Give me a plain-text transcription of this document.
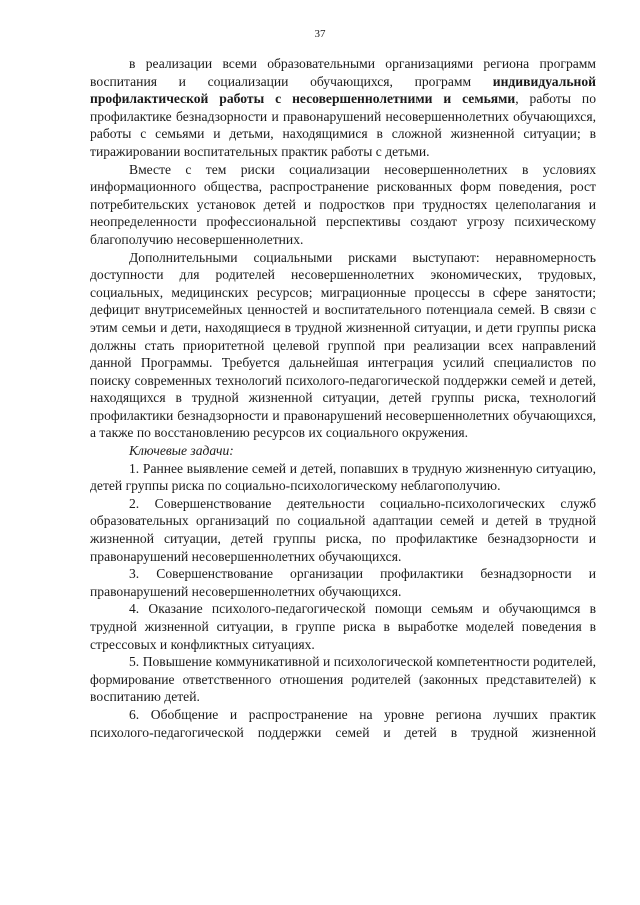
37

в реализации всеми образовательными организациями региона программ воспитания и социализации обучающихся, программ индивидуальной профилактической работы с несовершеннолетними и семьями, работы по профилактике безнадзорности и правонарушений несовершеннолетних обучающихся, работы с семьями и детьми, находящимися в сложной жизненной ситуации; в тиражировании воспитательных практик работы с детьми.

Вместе с тем риски социализации несовершеннолетних в условиях информационного общества, распространение рискованных форм поведения, рост потребительских установок детей и подростков при трудностях целеполагания и неопределенности профессиональной перспективы создают угрозу психическому благополучию несовершеннолетних.

Дополнительными социальными рисками выступают: неравномерность доступности для родителей несовершеннолетних экономических, трудовых, социальных, медицинских ресурсов; миграционные процессы в сфере занятости; дефицит внутрисемейных ценностей и воспитательного потенциала семей. В связи с этим семьи и дети, находящиеся в трудной жизненной ситуации, и дети группы риска должны стать приоритетной целевой группой при реализации всех направлений данной Программы. Требуется дальнейшая интеграция усилий специалистов по поиску современных технологий психолого-педагогической поддержки семей и детей, находящихся в трудной жизненной ситуации, детей группы риска, технологий профилактики безнадзорности и правонарушений несовершеннолетних обучающихся, а также по восстановлению ресурсов их социального окружения.

Ключевые задачи:

1. Раннее выявление семей и детей, попавших в трудную жизненную ситуацию, детей группы риска по социально-психологическому неблагополучию.

2. Совершенствование деятельности социально-психологических служб образовательных организаций по социальной адаптации семей и детей в трудной жизненной ситуации, детей группы риска, по профилактике безнадзорности и правонарушений несовершеннолетних обучающихся.

3. Совершенствование организации профилактики безнадзорности и правонарушений несовершеннолетних обучающихся.

4. Оказание психолого-педагогической помощи семьям и обучающимся в трудной жизненной ситуации, в группе риска в выработке моделей поведения в стрессовых и конфликтных ситуациях.

5. Повышение коммуникативной и психологической компетентности родителей, формирование ответственного отношения родителей (законных представителей) к воспитанию детей.

6. Обобщение и распространение на уровне региона лучших практик психолого-педагогической поддержки семей и детей в трудной жизненной
